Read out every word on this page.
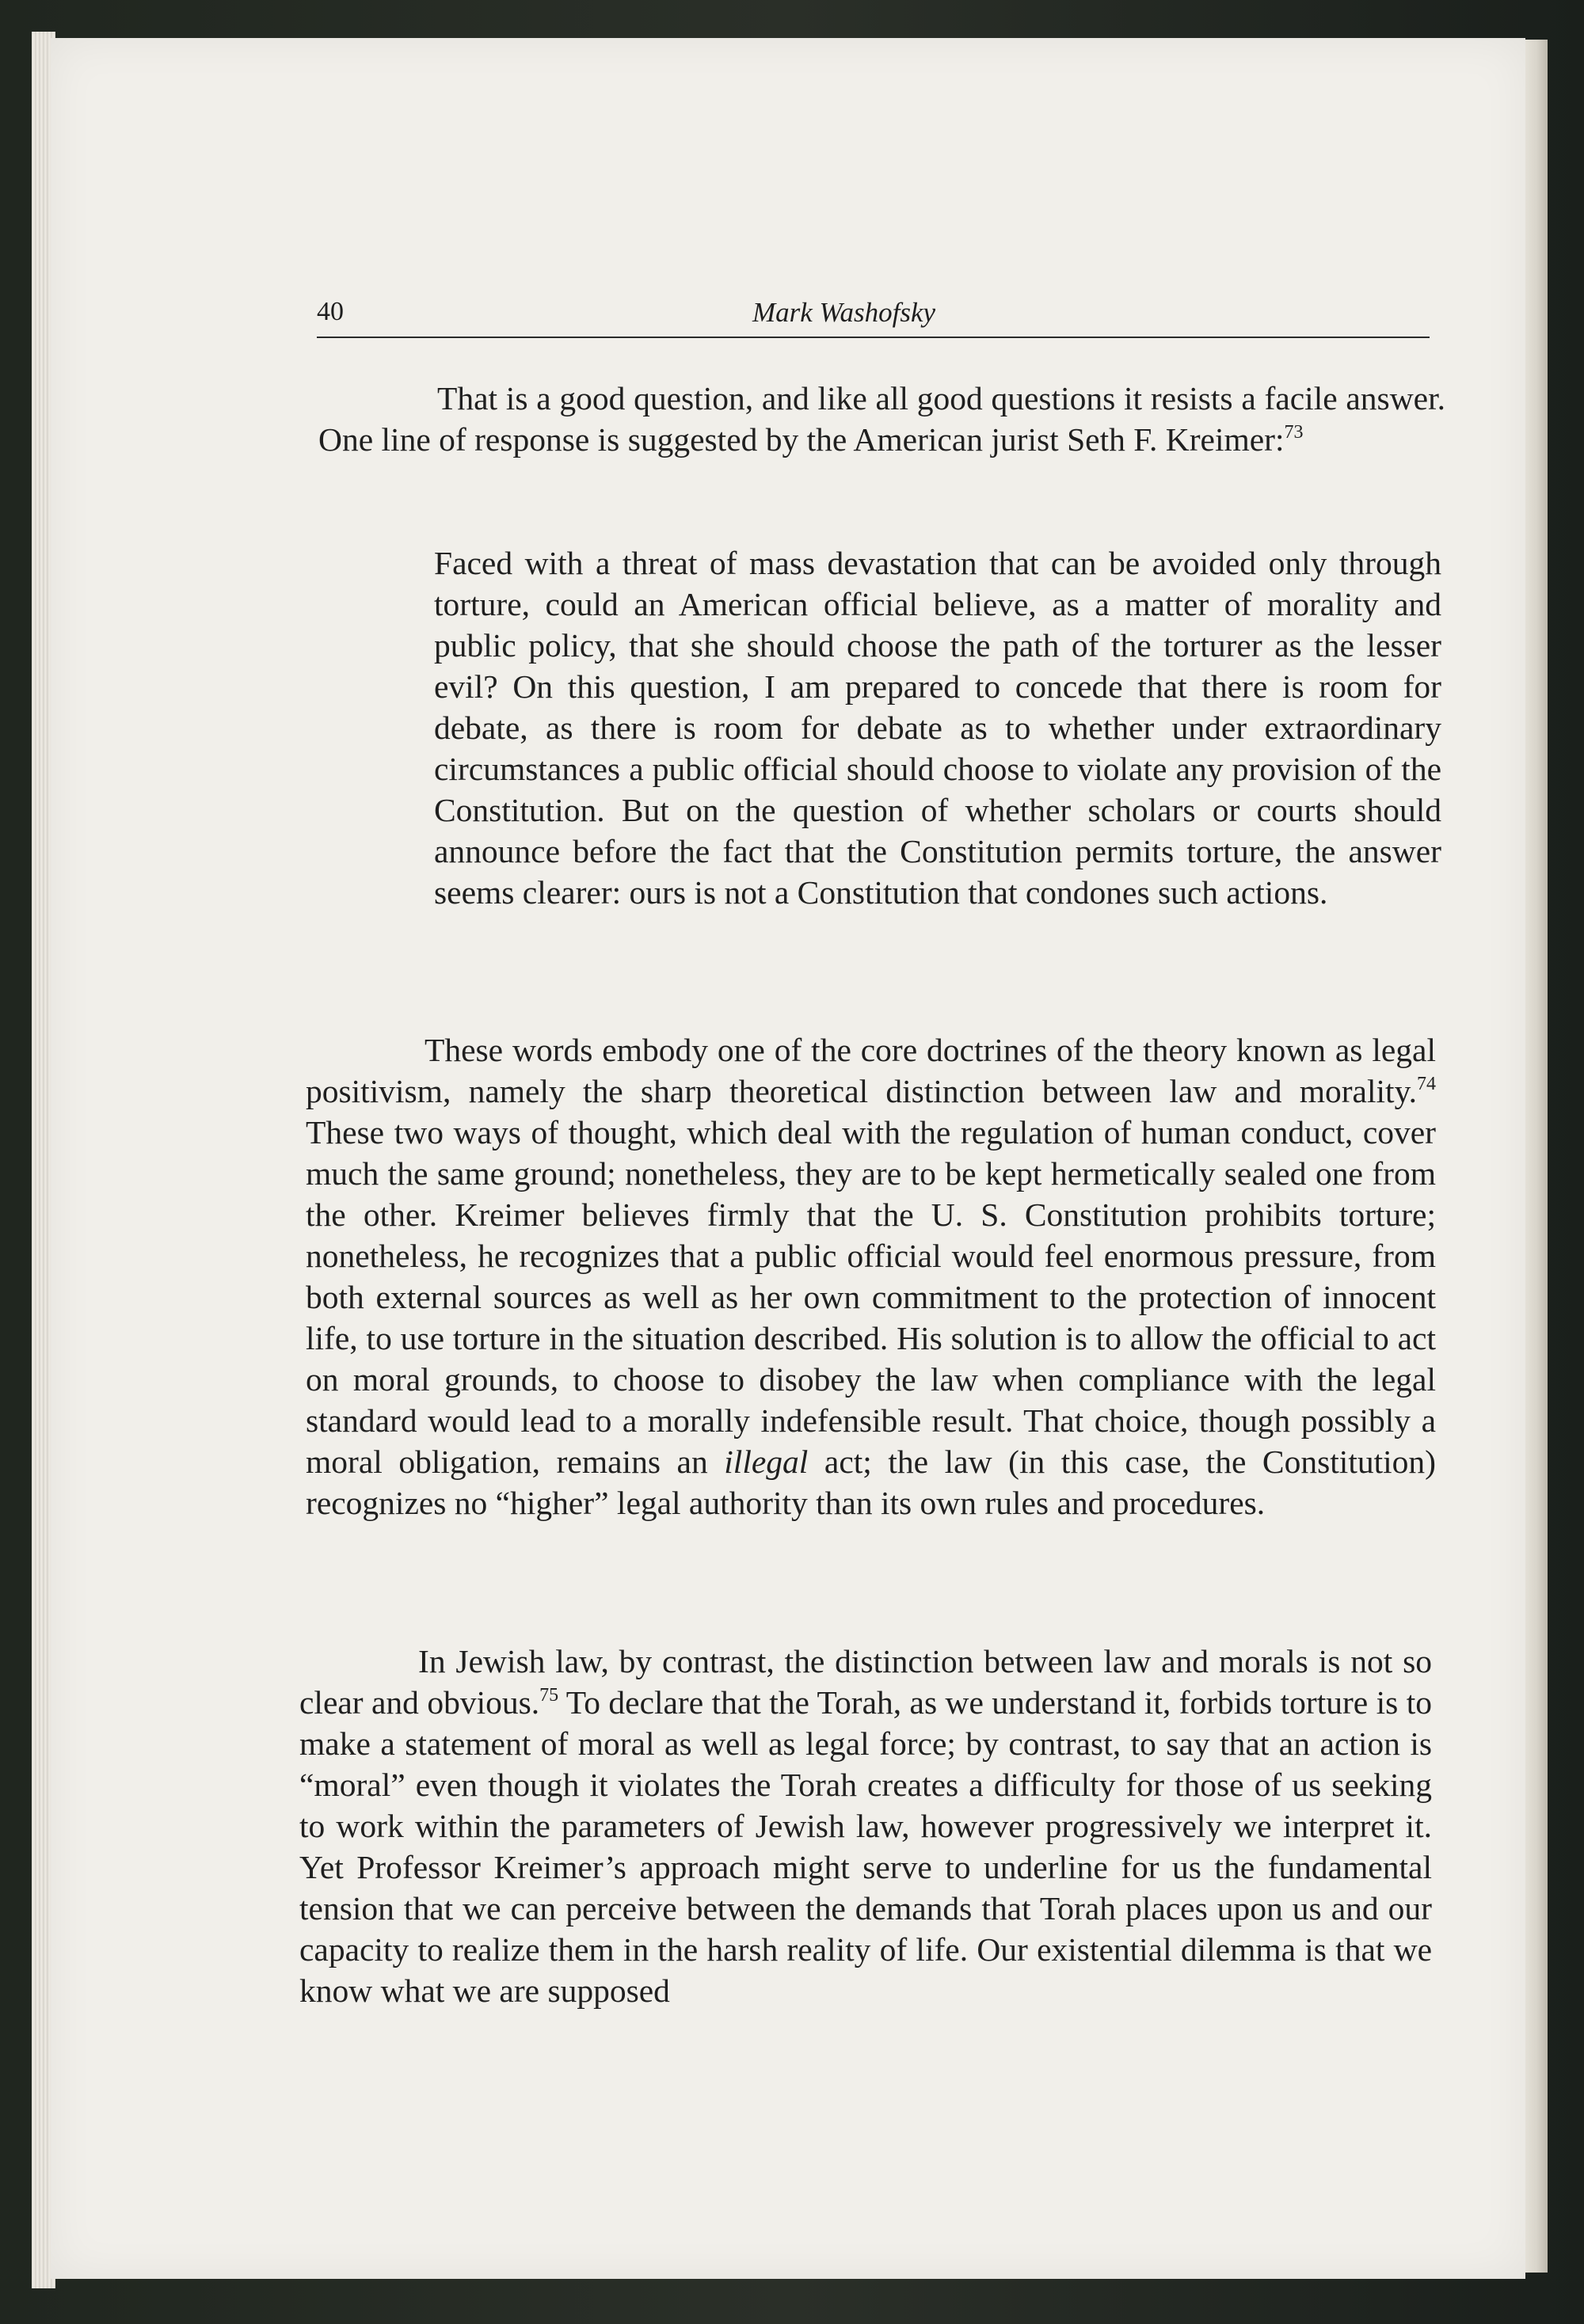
40	Mark Washofsky

That is a good question, and like all good questions it resists a facile answer. One line of response is suggested by the American jurist Seth F. Kreimer:$^{73}$

Faced with a threat of mass devastation that can be avoided only through torture, could an American official believe, as a matter of morality and public policy, that she should choose the path of the torturer as the lesser evil? On this question, I am prepared to concede that there is room for debate, as there is room for debate as to whether under extraordinary circumstances a public official should choose to violate any provision of the Constitution. But on the question of whether scholars or courts should announce before the fact that the Constitution permits torture, the answer seems clearer: ours is not a Constitution that condones such actions.

These words embody one of the core doctrines of the theory known as legal positivism, namely the sharp theoretical distinction between law and morality.$^{74}$ These two ways of thought, which deal with the regulation of human conduct, cover much the same ground; nonetheless, they are to be kept hermetically sealed one from the other. Kreimer believes firmly that the U. S. Constitution prohibits torture; nonetheless, he recognizes that a public official would feel enormous pressure, from both external sources as well as her own commitment to the protection of innocent life, to use torture in the situation described. His solution is to allow the official to act on moral grounds, to choose to disobey the law when compliance with the legal standard would lead to a morally indefensible result. That choice, though possibly a moral obligation, remains an illegal act; the law (in this case, the Constitution) recognizes no “higher” legal authority than its own rules and procedures.

In Jewish law, by contrast, the distinction between law and morals is not so clear and obvious.$^{75}$ To declare that the Torah, as we understand it, forbids torture is to make a statement of moral as well as legal force; by contrast, to say that an action is “moral” even though it violates the Torah creates a difficulty for those of us seeking to work within the parameters of Jewish law, however progressively we interpret it. Yet Professor Kreimer’s approach might serve to underline for us the fundamental tension that we can perceive between the demands that Torah places upon us and our capacity to realize them in the harsh reality of life. Our existential dilemma is that we know what we are supposed
